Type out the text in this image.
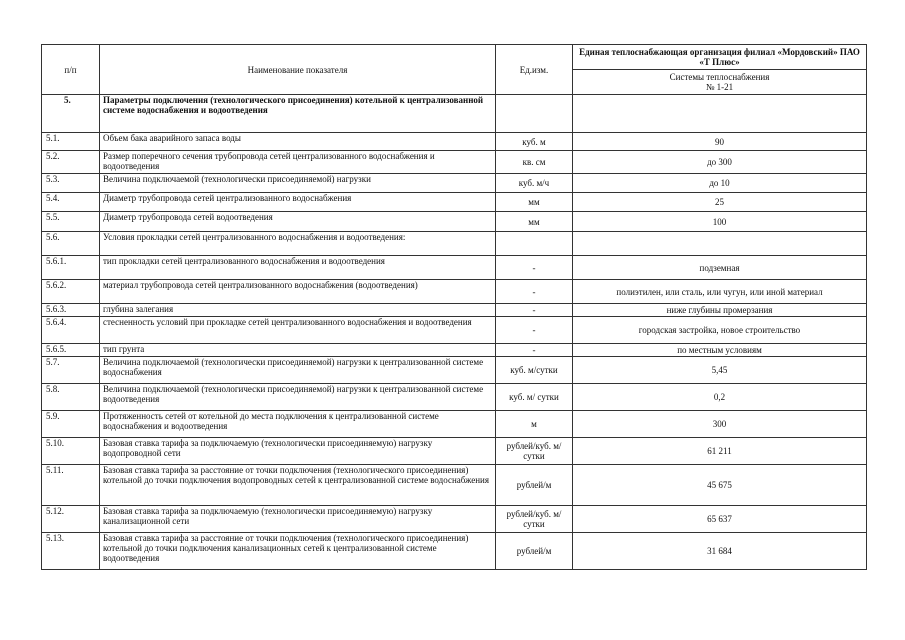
п/п	Наименование показателя	Ед.изм.	Единая теплоснабжающая организация филиал «Мордовский» ПАО «Т Плюс»

			Системы теплоснабжения
№ 1-21

5.	Параметры подключения (технологического присоединения) котельной к централизованной системе водоснабжения и водоотведения		
5.1.	Объем бака аварийного запаса воды	куб. м	90
5.2.	Размер поперечного сечения трубопровода сетей централизованного водоснабжения и водоотведения	кв. см	до 300
5.3.	Величина подключаемой (технологически присоединяемой) нагрузки	куб. м/ч	до 10
5.4.	Диаметр трубопровода сетей централизованного водоснабжения	мм	25
5.5.	Диаметр трубопровода сетей водоотведения	мм	100
5.6.	Условия прокладки сетей централизованного водоснабжения и водоотведения:		
5.6.1.	тип прокладки сетей централизованного водоснабжения и водоотведения	-	подземная
5.6.2.	материал трубопровода сетей централизованного водоснабжения (водоотведения)	-	полиэтилен, или сталь, или чугун, или иной материал
5.6.3.	глубина залегания	-	ниже глубины промерзания
5.6.4.	стесненность условий при прокладке сетей централизованного водоснабжения и водоотведения	-	городская застройка, новое строительство
5.6.5.	тип грунта	-	по местным условиям
5.7.	Величина подключаемой (технологически присоединяемой) нагрузки к централизованной системе водоснабжения	куб. м/сутки	5,45
5.8.	Величина подключаемой (технологически присоединяемой) нагрузки к централизованной системе водоотведения	куб. м/ сутки	0,2
5.9.	Протяженность сетей от котельной до места подключения к централизованной системе водоснабжения и водоотведения	м	300
5.10.	Базовая ставка тарифа за подключаемую (технологически присоединяемую) нагрузку водопроводной сети	рублей/куб. м/сутки	61 211
5.11.	Базовая ставка тарифа за расстояние от точки подключения (технологического присоединения) котельной до точки подключения водопроводных сетей к централизованной системе водоснабжения	рублей/м	45 675
5.12.	Базовая ставка тарифа за подключаемую (технологически присоединяемую) нагрузку канализационной сети	рублей/куб. м/сутки	65 637
5.13.	Базовая ставка тарифа за расстояние от точки подключения (технологического присоединения) котельной до точки подключения канализационных сетей к централизованной системе водоотведения	рублей/м	31 684
